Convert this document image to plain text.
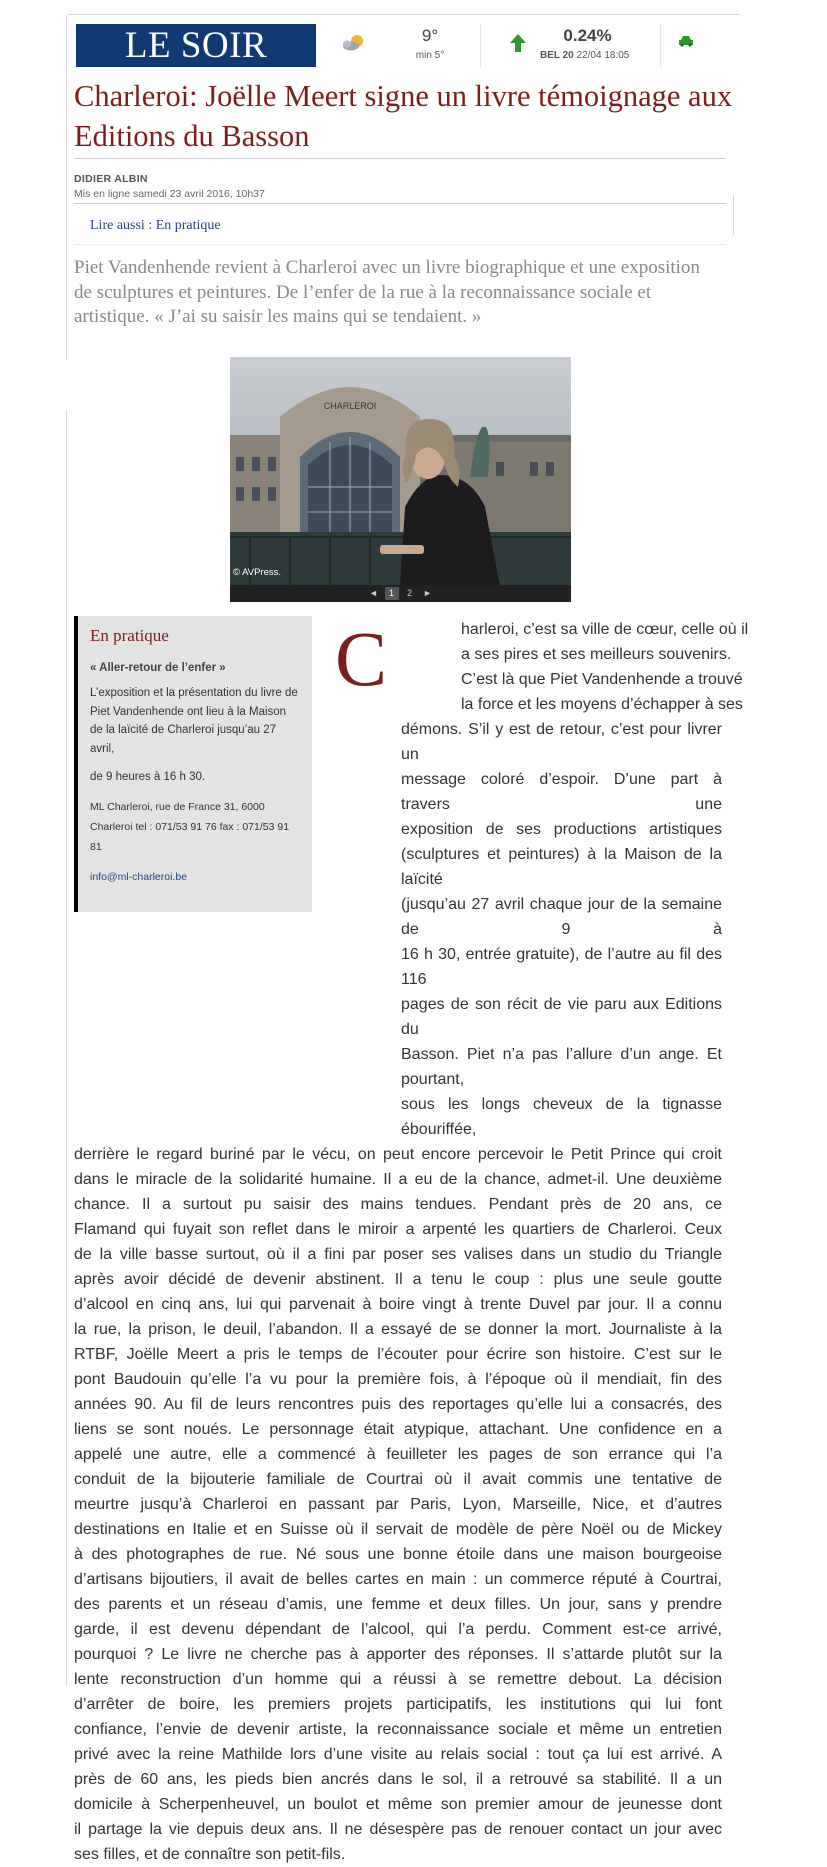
LE SOIR	9°
min 5°
0.24%
BEL 20 22/04 18:05
Charleroi: Joëlle Meert signe un livre témoignage aux Editions du Basson
DIDIER ALBIN
Mis en ligne samedi 23 avril 2016, 10h37
Lire aussi : En pratique

Piet Vandenhende revient à Charleroi avec un livre biographique et une exposition de sculptures et peintures. De l’enfer de la rue à la reconnaissance sociale et artistique. « J’ai su saisir les mains qui se tendaient. »

CHARLEROI
© AVPress.
◄	1	2	►
En pratique
« Aller-retour de l’enfer »
L’exposition et la présentation du livre de Piet Vandenhende ont lieu à la Maison de la laïcité de Charleroi jusqu’au 27 avril,
de 9 heures à 16 h 30.
ML Charleroi, rue de France 31, 6000 Charleroi tel : 071/53 91 76 fax : 071/53 91 81
info@ml-charleroi.be
C	harleroi, c’est sa ville de cœur, celle où il
a ses pires et ses meilleurs souvenirs.
C’est là que Piet Vandenhende a trouvé
la force et les moyens d’échapper à ses
démons. S’il y est de retour, c’est pour livrer un
message coloré d’espoir. D’une part à travers une
exposition de ses productions artistiques
(sculptures et peintures) à la Maison de la laïcité
(jusqu’au 27 avril chaque jour de la semaine de 9 à
16 h 30, entrée gratuite), de l’autre au fil des 116
pages de son récit de vie paru aux Editions du
Basson. Piet n’a pas l’allure d’un ange. Et pourtant,
sous les longs cheveux de la tignasse ébouriffée,
derrière le regard buriné par le vécu, on peut encore percevoir le Petit Prince qui croit
dans le miracle de la solidarité humaine. Il a eu de la chance, admet-il. Une deuxième
chance. Il a surtout pu saisir des mains tendues. Pendant près de 20 ans, ce
Flamand qui fuyait son reflet dans le miroir a arpenté les quartiers de Charleroi. Ceux
de la ville basse surtout, où il a fini par poser ses valises dans un studio du Triangle
après avoir décidé de devenir abstinent. Il a tenu le coup : plus une seule goutte
d’alcool en cinq ans, lui qui parvenait à boire vingt à trente Duvel par jour. Il a connu
la rue, la prison, le deuil, l’abandon. Il a essayé de se donner la mort. Journaliste à la
RTBF, Joëlle Meert a pris le temps de l’écouter pour écrire son histoire. C’est sur le
pont Baudouin qu’elle l’a vu pour la première fois, à l’époque où il mendiait, fin des
années 90. Au fil de leurs rencontres puis des reportages qu’elle lui a consacrés, des
liens se sont noués. Le personnage était atypique, attachant. Une confidence en a
appelé une autre, elle a commencé à feuilleter les pages de son errance qui l’a
conduit de la bijouterie familiale de Courtrai où il avait commis une tentative de
meurtre jusqu’à Charleroi en passant par Paris, Lyon, Marseille, Nice, et d’autres
destinations en Italie et en Suisse où il servait de modèle de père Noël ou de Mickey
à des photographes de rue. Né sous une bonne étoile dans une maison bourgeoise
d’artisans bijoutiers, il avait de belles cartes en main : un commerce réputé à Courtrai,
des parents et un réseau d’amis, une femme et deux filles. Un jour, sans y prendre
garde, il est devenu dépendant de l’alcool, qui l’a perdu. Comment est-ce arrivé,
pourquoi ? Le livre ne cherche pas à apporter des réponses. Il s’attarde plutôt sur la
lente reconstruction d’un homme qui a réussi à se remettre debout. La décision
d’arrêter de boire, les premiers projets participatifs, les institutions qui lui font
confiance, l’envie de devenir artiste, la reconnaissance sociale et même un entretien
privé avec la reine Mathilde lors d’une visite au relais social : tout ça lui est arrivé. A
près de 60 ans, les pieds bien ancrés dans le sol, il a retrouvé sa stabilité. Il a un
domicile à Scherpenheuvel, un boulot et même son premier amour de jeunesse dont
il partage la vie depuis deux ans. Il ne désespère pas de renouer contact un jour avec
ses filles, et de connaître son petit-fils.
